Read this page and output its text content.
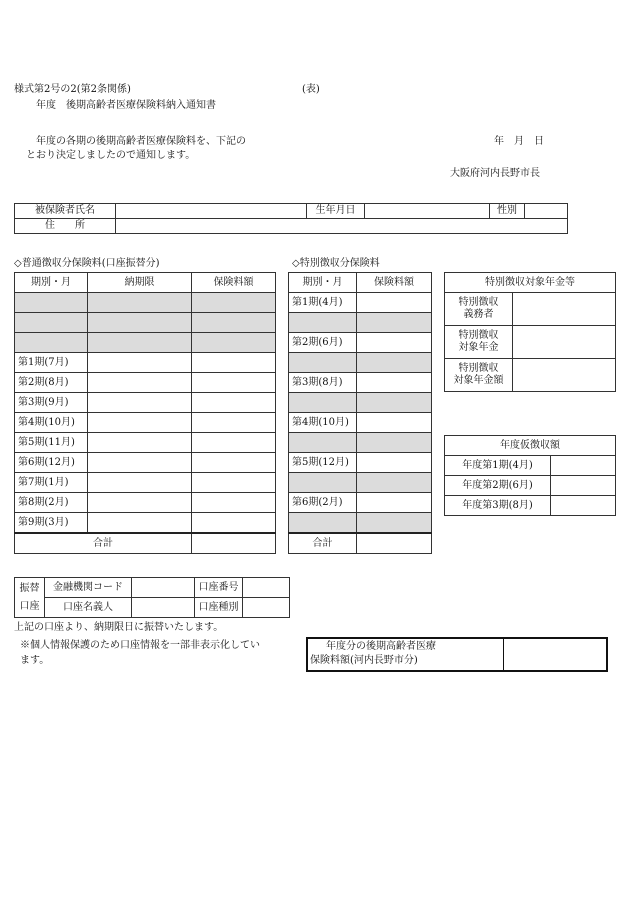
様式第2号の2(第2条関係)	(表)
年度　後期高齢者医療保険料納入通知書
年度の各期の後期高齢者医療保険料を、下記の
とおり決定しましたので通知します。
年　月　日
大阪府河内長野市長
被保険者氏名		生年月日		性別	
住　　所					
◇普通徴収分保険料(口座振替分)
期別・月	納期限	保険料額

第1期(7月)		
第2期(8月)		
第3期(9月)		
第4期(10月)		
第5期(11月)		
第6期(12月)		
第7期(1月)		
第8期(2月)		
第9期(3月)		
合計		
◇特別徴収分保険料
期別・月	保険料額
第1期(4月)	

第2期(6月)	

第3期(8月)	

第4期(10月)	

第5期(12月)	

第6期(2月)	

合計	
特別徴収対象年金等	
特別徴収
義務者	
特別徴収
対象年金	
特別徴収
対象年金額	
年度仮徴収額	
年度第1期(4月)	
年度第2期(6月)	
年度第3期(8月)	
振替
口座	金融機関コード		口座番号	
	口座名義人		口座種別	
上記の口座より、納期限日に振替いたします。
※個人情報保護のため口座情報を一部非表示化してい
ます。
年度分の後期高齢者医療
保険料額(河内長野市分)
